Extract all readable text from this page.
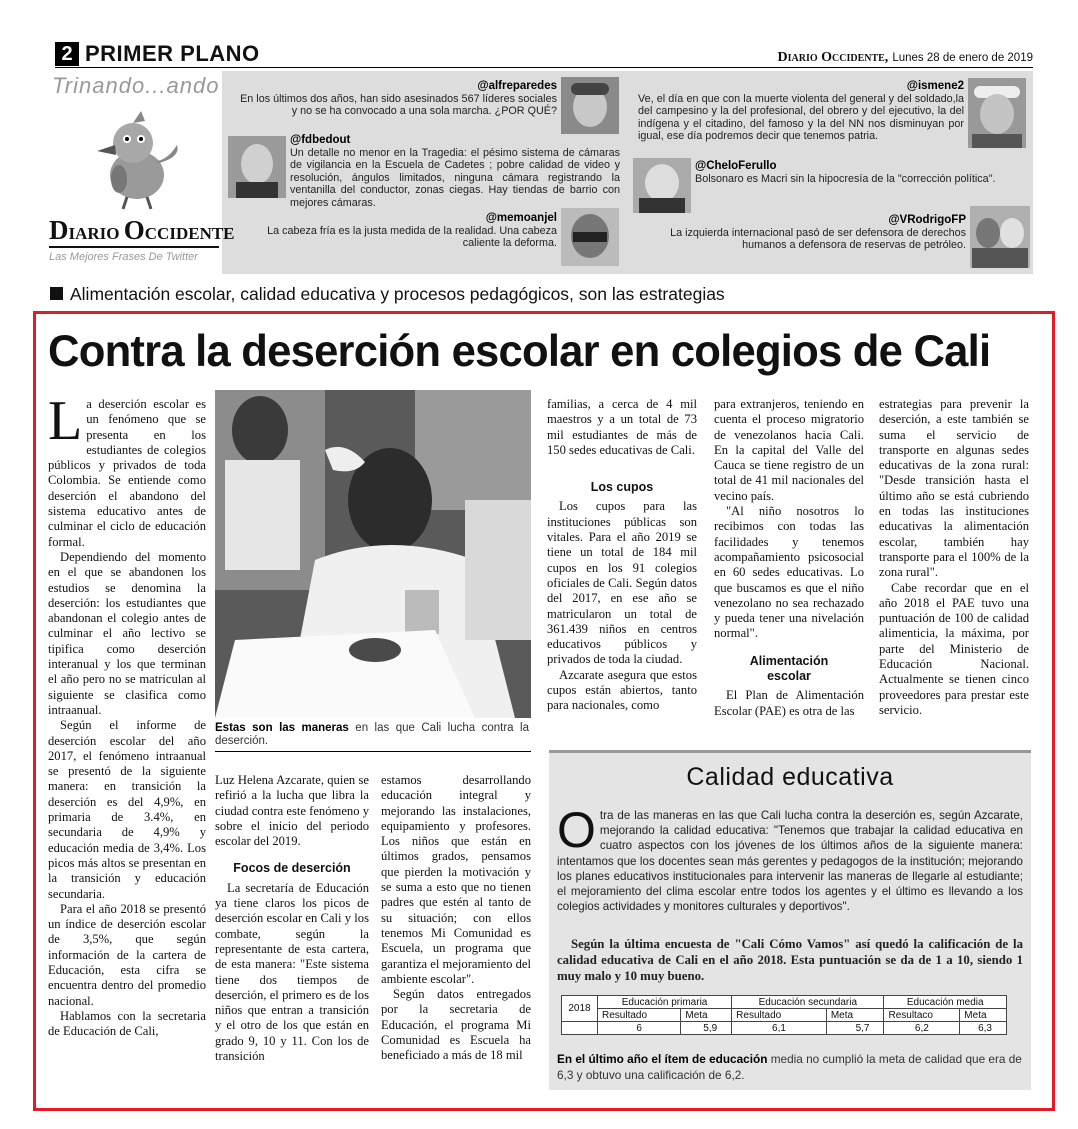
2 PRIMER PLANO	Diario Occidente, Lunes 28 de enero de 2019
Trinando...ando
DIARIO OCCIDENTE
Las Mejores Frases De Twitter
@alfreparedes
En los últimos dos años, han sido asesinados 567 líderes sociales y no se ha convocado a una sola marcha. ¿POR QUÉ?
@fdbedout
Un detalle no menor en la Tragedia: el pésimo sistema de cámaras de vigilancia en la Escuela de Cadetes ; pobre calidad de video y resolución, ángulos limitados, ninguna cámara registrando la ventanilla del conductor, zonas ciegas. Hay tiendas de barrio con mejores cámaras.
@memoanjel
La cabeza fría es la justa medida de la realidad. Una cabeza caliente la deforma.
@ismene2
Ve, el día en que con la muerte violenta del general y del soldado,la del campesino y la del profesional, del obrero y del ejecutivo, la del indígena y el citadino, del famoso y la del NN nos disminuyan por igual, ese día podremos decir que tenemos patria.
@CheloFerullo
Bolsonaro es Macri sin la hipocresía de la "corrección política".
@VRodrigoFP
La izquierda internacional pasó de ser defensora de derechos humanos a defensora de reservas de petróleo.
Alimentación escolar, calidad educativa y procesos pedagógicos, son las estrategias
Contra la deserción escolar en colegios de Cali
L a deserción escolar es un fenómeno que se presenta en los estudiantes de colegios públicos y privados de toda Colombia. Se entiende como deserción el abandono del sistema educativo antes de culminar el ciclo de educación formal.

Dependiendo del momento en el que se abandonen los estudios se denomina la deserción: los estudiantes que abandonan el colegio antes de culminar el año lectivo se tipifica como deserción interanual y los que terminan el año pero no se matriculan al siguiente se clasifica como intraanual.

Según el informe de deserción escolar del año 2017, el fenómeno intraanual se presentó de la siguiente manera: en transición la deserción es del 4,9%, en primaria de 3.4%, en secundaria de 4,9% y educación media de 3,4%. Los picos más altos se presentan en la transición y educación secundaria.

Para el año 2018 se presentó un índice de deserción escolar de 3,5%, que según información de la cartera de Educación, esta cifra se encuentra dentro del promedio nacional.

Hablamos con la secretaria de Educación de Cali,

Estas son las maneras en las que Cali lucha contra la deserción.

Luz Helena Azcarate, quien se refirió a la lucha que libra la ciudad contra este fenómeno y sobre el inicio del periodo escolar del 2019.

Focos de deserción

La secretaría de Educación ya tiene claros los picos de deserción escolar en Cali y los combate, según la representante de esta cartera, de esta manera: "Este sistema tiene dos tiempos de deserción, el primero es de los niños que entran a transición y el otro de los que están en grado 9, 10 y 11. Con los de transición

estamos desarrollando educación integral y mejorando las instalaciones, equipamiento y profesores. Los niños que están en últimos grados, pensamos que pierden la motivación y se suma a esto que no tienen padres que estén al tanto de su situación; con ellos tenemos Mi Comunidad es Escuela, un programa que garantiza el mejoramiento del ambiente escolar".

Según datos entregados por la secretaria de Educación, el programa Mi Comunidad es Escuela ha beneficiado a más de 18 mil

familias, a cerca de 4 mil maestros y a un total de 73 mil estudiantes de más de 150 sedes educativas de Cali.

Los cupos

Los cupos para las instituciones públicas son vitales. Para el año 2019 se tiene un total de 184 mil cupos en los 91 colegios oficiales de Cali. Según datos del 2017, en ese año se matricularon un total de 361.439 niños en centros educativos públicos y privados de toda la ciudad.

Azcarate asegura que estos cupos están abiertos, tanto para nacionales, como

para extranjeros, teniendo en cuenta el proceso migratorio de venezolanos hacia Cali. En la capital del Valle del Cauca se tiene registro de un total de 41 mil nacionales del vecino país.

"Al niño nosotros lo recibimos con todas las facilidades y tenemos acompañamiento psicosocial en 60 sedes educativas. Lo que buscamos es que el niño venezolano no sea rechazado y pueda tener una nivelación normal".

Alimentación escolar

El Plan de Alimentación Escolar (PAE) es otra de las

estrategias para prevenir la deserción, a este también se suma el servicio de transporte en algunas sedes educativas de la zona rural: "Desde transición hasta el último año se está cubriendo en todas las instituciones educativas la alimentación escolar, también hay transporte para el 100% de la zona rural".

Cabe recordar que en el año 2018 el PAE tuvo una puntuación de 100 de calidad alimenticia, la máxima, por parte del Ministerio de Educación Nacional. Actualmente se tienen cinco proveedores para prestar este servicio.

Calidad educativa
O tra de las maneras en las que Cali lucha contra la deserción es, según Azcarate, mejorando la calidad educativa: "Tenemos que trabajar la calidad educativa en cuatro aspectos con los jóvenes de los últimos años de la siguiente manera: intentamos que los docentes sean más gerentes y pedagogos de la institución; mejorando los planes educativos institucionales para intervenir las maneras de llegarle al estudiante; el mejoramiento del clima escolar entre todos los agentes y el último es llevando a los colegios actividades y monitores culturales y deportivos".
Según la última encuesta de "Cali Cómo Vamos" así quedó la calificación de la calidad educativa de Cali en el año 2018. Esta puntuación se da de 1 a 10, siendo 1 muy malo y 10 muy bueno.
2018	Educación primaria		Educación secundaria		Educación media	
	Resultado	Meta	Resultado	Meta	Resultaco	Meta
	6	5,9	6,1	5,7	6,2	6,3
En el último año el ítem de educación media no cumplió la meta de calidad que era de 6,3 y obtuvo una calificación de 6,2.
